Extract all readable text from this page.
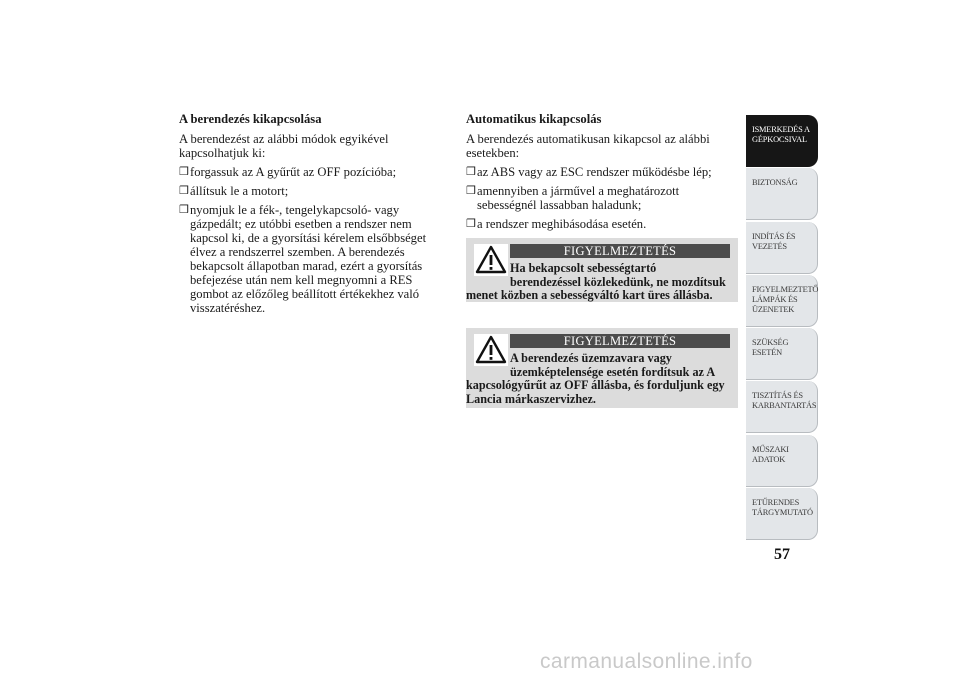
A berendezés kikapcsolása
A berendezést az alábbi módok egyikével kapcsolhatjuk ki:
❒ forgassuk az A gyűrűt az OFF pozícióba;
❒ állítsuk le a motort;
❒ nyomjuk le a fék-, tengelykapcsoló- vagy gázpedált; ez utóbbi esetben a rendszer nem kapcsol ki, de a gyorsítási kérelem elsőbbséget élvez a rendszerrel szemben. A berendezés bekapcsolt állapotban marad, ezért a gyorsítás befejezése után nem kell megnyomni a RES gombot az előzőleg beállított értékekhez való visszatéréshez.
Automatikus kikapcsolás
A berendezés automatikusan kikapcsol az alábbi esetekben:
❒ az ABS vagy az ESC rendszer működésbe lép;
❒ amennyiben a járművel a meghatározott sebességnél lassabban haladunk;
❒ a rendszer meghibásodása esetén.
FIGYELMEZTETÉS
Ha bekapcsolt sebességtartó berendezéssel közlekedünk, ne mozdítsuk
menet közben a sebességváltó kart üres állásba.
FIGYELMEZTETÉS
A berendezés üzemzavara vagy üzemképtelensége esetén fordítsuk az A
kapcsológyűrűt az OFF állásba, és forduljunk egy Lancia márkaszervizhez.
ISMERKEDÉS A
GÉPKOCSIVAL
BIZTONSÁG
INDÍTÁS ÉS
VEZETÉS
FIGYELMEZTETŐ
LÁMPÁK ÉS
ÜZENETEK
SZÜKSÉG ESETÉN
TISZTÍTÁS ÉS
KARBANTARTÁS
MŰSZAKI ADATOK
ETŰRENDES
TÁRGYMUTATÓ
57
carmanualsonline.info
